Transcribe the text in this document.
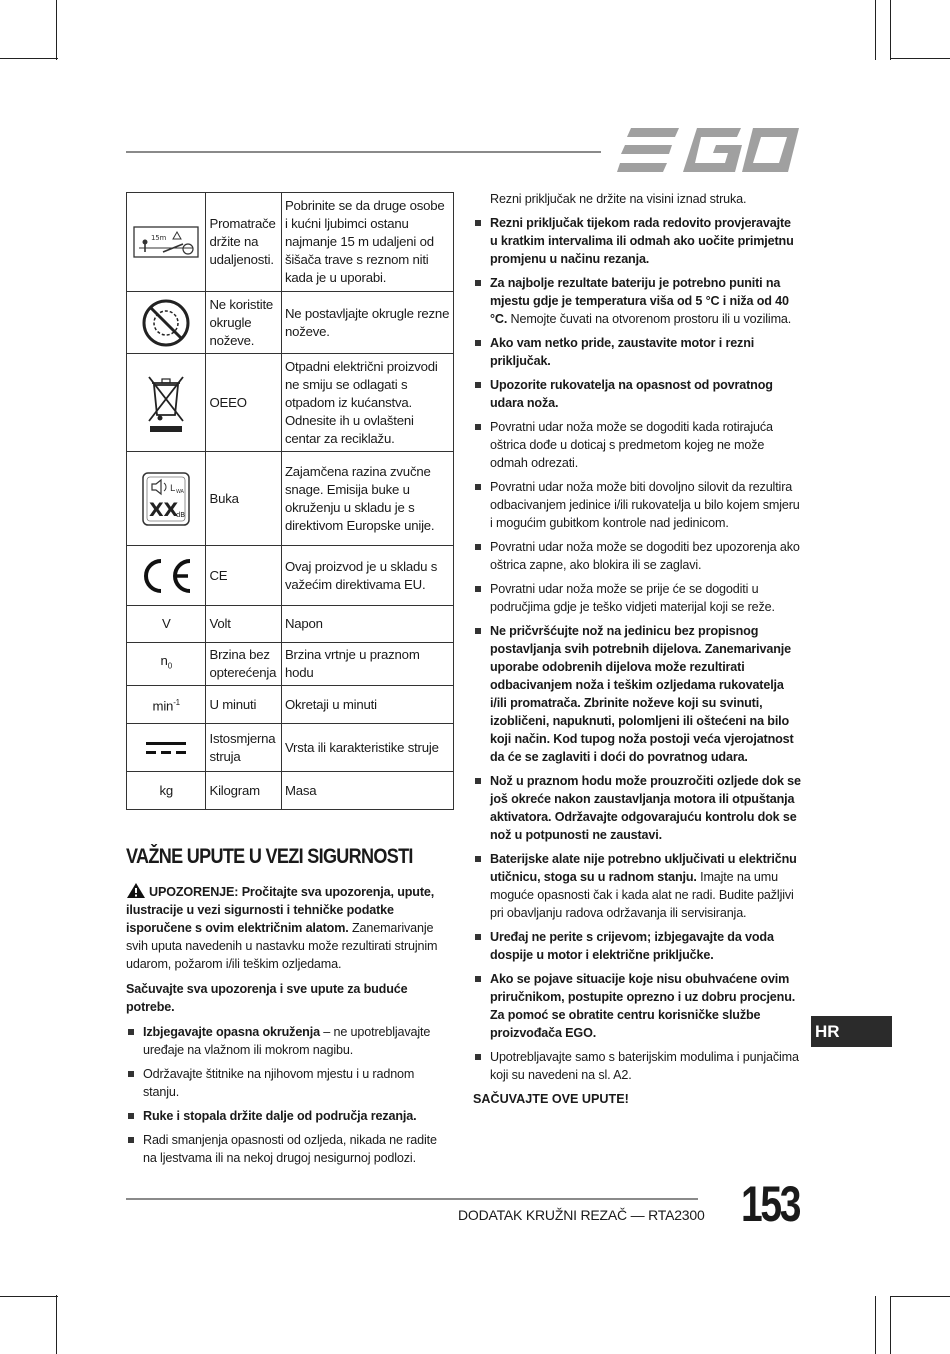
15m	Promatrače držite na udaljenosti.	Pobrinite se da druge osobe i kućni ljubimci ostanu najmanje 15 m udaljeni od šišača trave s reznom niti kada je u uporabi.

	Ne koristite okrugle noževe.	Ne postavljajte okrugle rezne noževe.

	OEEO	Otpadni električni proizvodi ne smiju se odlagati s otpadom iz kućanstva. Odnesite ih u ovlašteni centar za reciklažu.

L WA
XX
dB	Buka	Zajamčena razina zvučne snage. Emisija buke u okruženju u skladu je s direktivom Europske unije.

	CE	Ovaj proizvod je u skladu s važećim direktivama EU.
V	Volt	Napon
$n_0$	Brzina bez opterećenja	Brzina vrtnje u praznom hodu
$\min^{-1}$	U minuti	Okretaji u minuti

	Istosmjerna struja	Vrsta ili karakteristike struje
kg	Kilogram	Masa
VAŽNE UPUTE U VEZI SIGURNOSTI

UPOZORENJE: Pročitajte sva upozorenja, upute, ilustracije u vezi sigurnosti i tehničke podatke isporučene s ovim električnim alatom. Zanemarivanje svih uputa navedenih u nastavku može rezultirati strujnim udarom, požarom i/ili teškim ozljedama.

Sačuvajte sva upozorenja i sve upute za buduće potrebe.

Izbjegavajte opasna okruženja – ne upotrebljavajte uređaje na vlažnom ili mokrom nagibu.
Održavajte štitnike na njihovom mjestu i u radnom stanju.
Ruke i stopala držite dalje od područja rezanja.
Radi smanjenja opasnosti od ozljeda, nikada ne radite na ljestvama ili na nekoj drugoj nesigurnoj podlozi.

Rezni priključak ne držite na visini iznad struka.

Rezni priključak tijekom rada redovito provjeravajte u kratkim intervalima ili odmah ako uočite primjetnu promjenu u načinu rezanja.
Za najbolje rezultate bateriju je potrebno puniti na mjestu gdje je temperatura viša od 5 °C i niža od 40 °C. Nemojte čuvati na otvorenom prostoru ili u vozilima.
Ako vam netko pride, zaustavite motor i rezni priključak.
Upozorite rukovatelja na opasnost od povratnog udara noža.
Povratni udar noža može se dogoditi kada rotirajuća oštrica dođe u doticaj s predmetom kojeg ne može odmah odrezati.
Povratni udar noža može biti dovoljno silovit da rezultira odbacivanjem jedinice i/ili rukovatelja u bilo kojem smjeru i mogućim gubitkom kontrole nad jedinicom.
Povratni udar noža može se dogoditi bez upozorenja ako oštrica zapne, ako blokira ili se zaglavi.
Povratni udar noža može se prije će se dogoditi u područjima gdje je teško vidjeti materijal koji se reže.
Ne pričvršćujte nož na jedinicu bez propisnog postavljanja svih potrebnih dijelova. Zanemarivanje uporabe odobrenih dijelova može rezultirati odbacivanjem noža i teškim ozljedama rukovatelja i/ili promatrača. Zbrinite noževe koji su svinuti, izobličeni, napuknuti, polomljeni ili oštećeni na bilo koji način. Kod tupog noža postoji veća vjerojatnost da će se zaglaviti i doći do povratnog udara.
Nož u praznom hodu može prouzročiti ozljede dok se još okreće nakon zaustavljanja motora ili otpuštanja aktivatora. Održavajte odgovarajuću kontrolu dok se nož u potpunosti ne zaustavi.
Baterijske alate nije potrebno uključivati u električnu utičnicu, stoga su u radnom stanju. Imajte na umu moguće opasnosti čak i kada alat ne radi. Budite pažljivi pri obavljanju radova održavanja ili servisiranja.
Uređaj ne perite s crijevom; izbjegavajte da voda dospije u motor i električne priključke.
Ako se pojave situacije koje nisu obuhvaćene ovim priručnikom, postupite oprezno i uz dobru procjenu. Za pomoć se obratite centru korisničke službe proizvođača EGO.
Upotrebljavajte samo s baterijskim modulima i punjačima koji su navedeni na sl. A2.
SAČUVAJTE OVE UPUTE!
HR
DODATAK KRUŽNI REZAČ — RTA2300 153
